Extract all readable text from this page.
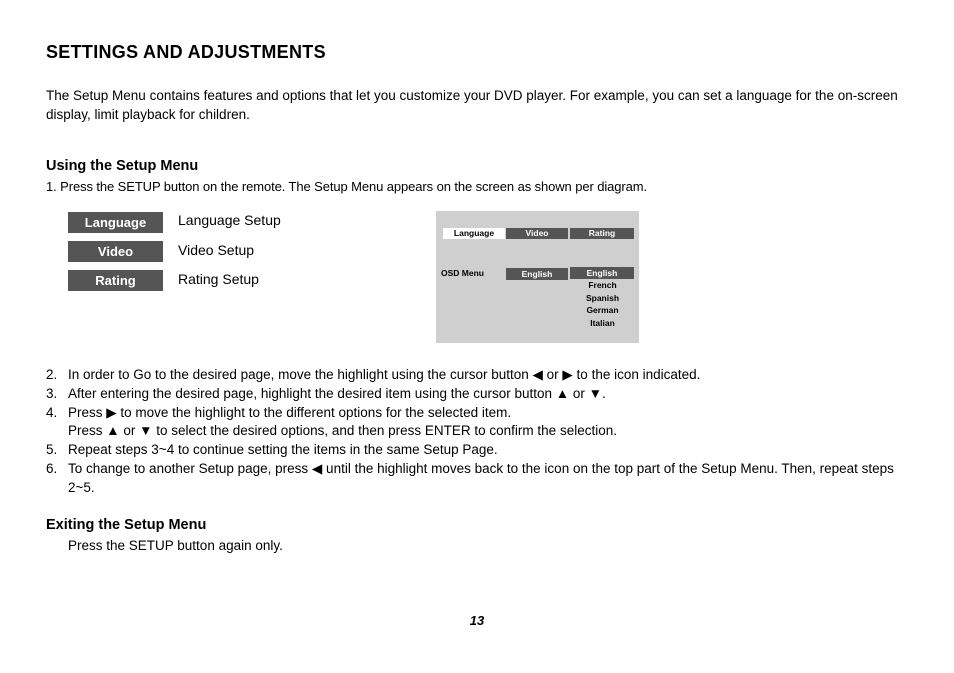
SETTINGS AND ADJUSTMENTS
The Setup Menu contains features and options that let you customize your DVD player. For example, you can set a language for the on-screen display, limit playback for children.
Using the Setup Menu
1. Press the SETUP button on the remote. The Setup Menu appears on the screen as shown per diagram.
Language	Language Setup
Video	Video Setup
Rating	Rating Setup
Language	Video	Rating
OSD Menu	English	English
French
Spanish
German
Italian
2. In order to Go to the desired page, move the highlight using the cursor button ◀ or ▶ to the icon indicated.
3. After entering the desired page, highlight the desired item using the cursor button ▲ or ▼.
4. Press ▶ to move the highlight to the different options for the selected item.
Press ▲ or ▼ to select the desired options, and then press ENTER to confirm the selection.
5. Repeat steps 3~4 to continue setting the items in the same Setup Page.
6. To change to another Setup page, press ◀ until the highlight moves back to the icon on the top part of the Setup Menu. Then, repeat steps 2~5.
Exiting the Setup Menu
Press the SETUP button again only.
13
